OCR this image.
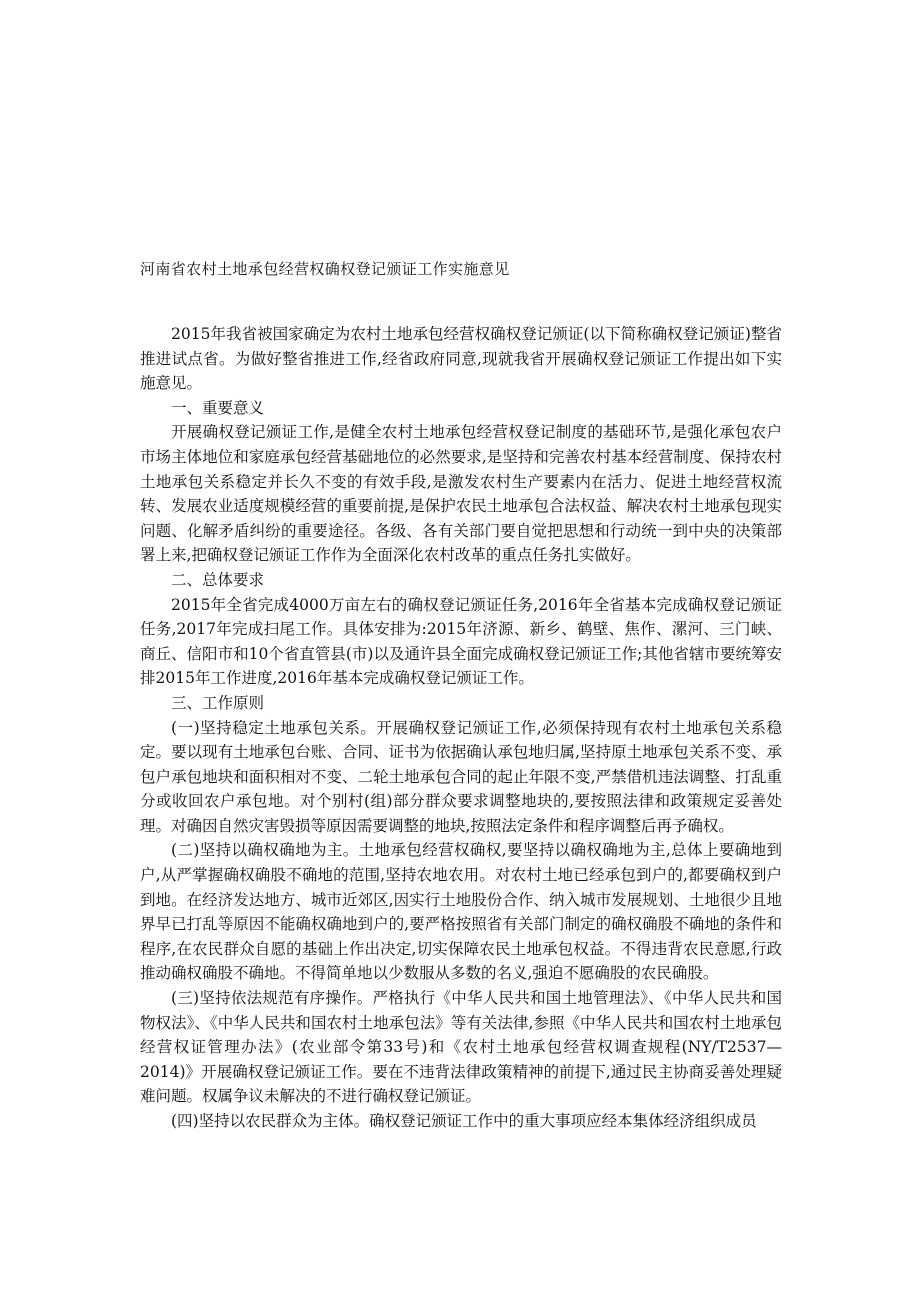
河南省农村土地承包经营权确权登记颁证工作实施意见

2015年我省被国家确定为农村土地承包经营权确权登记颁证(以下简称确权登记颁证)整省推进试点省。为做好整省推进工作,经省政府同意,现就我省开展确权登记颁证工作提出如下实施意见。

一、重要意义

开展确权登记颁证工作,是健全农村土地承包经营权登记制度的基础环节,是强化承包农户市场主体地位和家庭承包经营基础地位的必然要求,是坚持和完善农村基本经营制度、保持农村土地承包关系稳定并长久不变的有效手段,是激发农村生产要素内在活力、促进土地经营权流转、发展农业适度规模经营的重要前提,是保护农民土地承包合法权益、解决农村土地承包现实问题、化解矛盾纠纷的重要途径。各级、各有关部门要自觉把思想和行动统一到中央的决策部署上来,把确权登记颁证工作作为全面深化农村改革的重点任务扎实做好。

二、总体要求

2015年全省完成4000万亩左右的确权登记颁证任务,2016年全省基本完成确权登记颁证任务,2017年完成扫尾工作。具体安排为:2015年济源、新乡、鹤壁、焦作、漯河、三门峡、商丘、信阳市和10个省直管县(市)以及通许县全面完成确权登记颁证工作;其他省辖市要统筹安排2015年工作进度,2016年基本完成确权登记颁证工作。

三、工作原则

(一)坚持稳定土地承包关系。开展确权登记颁证工作,必须保持现有农村土地承包关系稳定。要以现有土地承包台账、合同、证书为依据确认承包地归属,坚持原土地承包关系不变、承包户承包地块和面积相对不变、二轮土地承包合同的起止年限不变,严禁借机违法调整、打乱重分或收回农户承包地。对个别村(组)部分群众要求调整地块的,要按照法律和政策规定妥善处理。对确因自然灾害毁损等原因需要调整的地块,按照法定条件和程序调整后再予确权。

(二)坚持以确权确地为主。土地承包经营权确权,要坚持以确权确地为主,总体上要确地到户,从严掌握确权确股不确地的范围,坚持农地农用。对农村土地已经承包到户的,都要确权到户到地。在经济发达地方、城市近郊区,因实行土地股份合作、纳入城市发展规划、土地很少且地界早已打乱等原因不能确权确地到户的,要严格按照省有关部门制定的确权确股不确地的条件和程序,在农民群众自愿的基础上作出决定,切实保障农民土地承包权益。不得违背农民意愿,行政推动确权确股不确地。不得简单地以少数服从多数的名义,强迫不愿确股的农民确股。

(三)坚持依法规范有序操作。严格执行《中华人民共和国土地管理法》、《中华人民共和国物权法》、《中华人民共和国农村土地承包法》等有关法律,参照《中华人民共和国农村土地承包经营权证管理办法》(农业部令第33号)和《农村土地承包经营权调查规程(NY/T2537—2014)》开展确权登记颁证工作。要在不违背法律政策精神的前提下,通过民主协商妥善处理疑难问题。权属争议未解决的不进行确权登记颁证。

(四)坚持以农民群众为主体。确权登记颁证工作中的重大事项应经本集体经济组织成员
